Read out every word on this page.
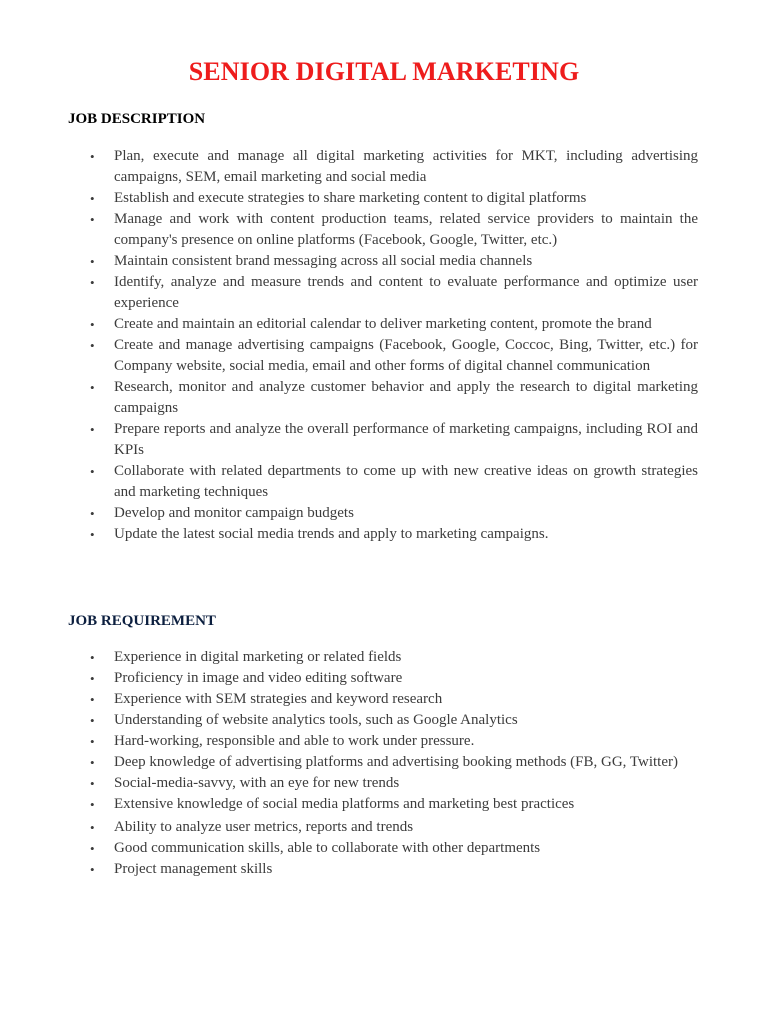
SENIOR DIGITAL MARKETING
JOB DESCRIPTION
• Plan, execute and manage all digital marketing activities for MKT, including advertising campaigns, SEM, email marketing and social media
• Establish and execute strategies to share marketing content to digital platforms
• Manage and work with content production teams, related service providers to maintain the company's presence on online platforms (Facebook, Google, Twitter, etc.)
• Maintain consistent brand messaging across all social media channels
• Identify, analyze and measure trends and content to evaluate performance and optimize user experience
• Create and maintain an editorial calendar to deliver marketing content, promote the brand
• Create and manage advertising campaigns (Facebook, Google, Coccoc, Bing, Twitter, etc.) for Company website, social media, email and other forms of digital channel communication
• Research, monitor and analyze customer behavior and apply the research to digital marketing campaigns
• Prepare reports and analyze the overall performance of marketing campaigns, including ROI and KPIs
• Collaborate with related departments to come up with new creative ideas on growth strategies and marketing techniques
• Develop and monitor campaign budgets
• Update the latest social media trends and apply to marketing campaigns.
JOB REQUIREMENT
• Experience in digital marketing or related fields
• Proficiency in image and video editing software
• Experience with SEM strategies and keyword research
• Understanding of website analytics tools, such as Google Analytics
• Hard-working, responsible and able to work under pressure.
• Deep knowledge of advertising platforms and advertising booking methods (FB, GG, Twitter)
• Social-media-savvy, with an eye for new trends
• Extensive knowledge of social media platforms and marketing best practices
• Ability to analyze user metrics, reports and trends
• Good communication skills, able to collaborate with other departments
• Project management skills
